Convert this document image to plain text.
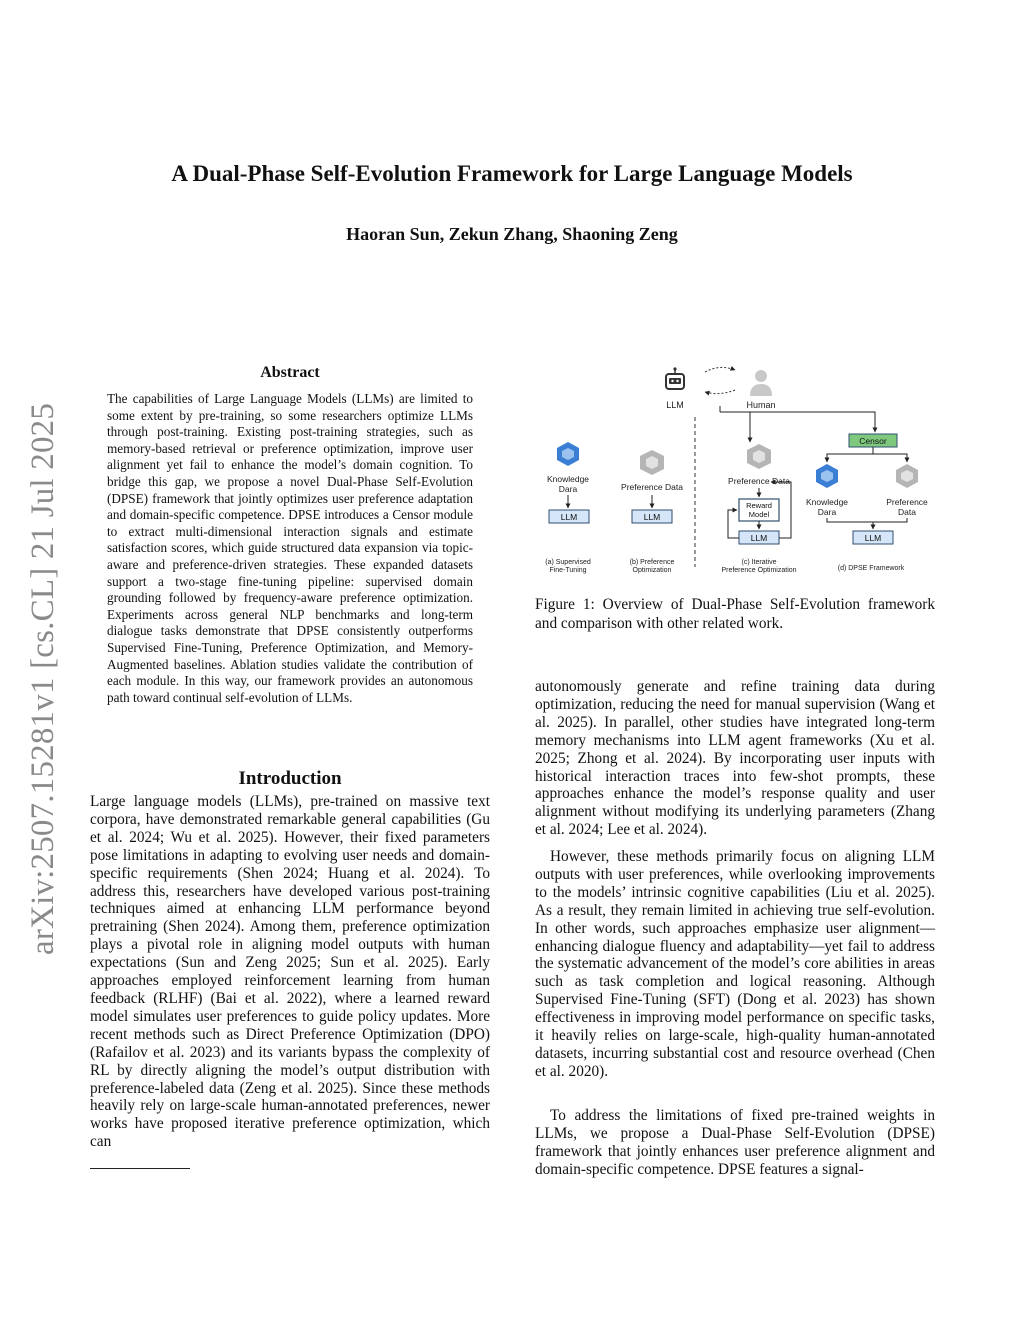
arXiv:2507.15281v1 [cs.CL] 21 Jul 2025
A Dual-Phase Self-Evolution Framework for Large Language Models
Haoran Sun, Zekun Zhang, Shaoning Zeng
Abstract

The capabilities of Large Language Models (LLMs) are limited to some extent by pre-training, so some researchers optimize LLMs through post-training. Existing post-training strategies, such as memory-based retrieval or preference optimization, improve user alignment yet fail to enhance the model’s domain cognition. To bridge this gap, we propose a novel Dual-Phase Self-Evolution (DPSE) framework that jointly optimizes user preference adaptation and domain-specific competence. DPSE introduces a Censor module to extract multi-dimensional interaction signals and estimate satisfaction scores, which guide structured data expansion via topic-aware and preference-driven strategies. These expanded datasets support a two-stage fine-tuning pipeline: supervised domain grounding followed by frequency-aware preference optimization. Experiments across general NLP benchmarks and long-term dialogue tasks demonstrate that DPSE consistently outperforms Supervised Fine-Tuning, Preference Optimization, and Memory-Augmented baselines. Ablation studies validate the contribution of each module. In this way, our framework provides an autonomous path toward continual self-evolution of LLMs.

Introduction

Large language models (LLMs), pre-trained on massive text corpora, have demonstrated remarkable general capabilities (Gu et al. 2024; Wu et al. 2025). However, their fixed parameters pose limitations in adapting to evolving user needs and domain-specific requirements (Shen 2024; Huang et al. 2024). To address this, researchers have developed various post-training techniques aimed at enhancing LLM performance beyond pretraining (Shen 2024). Among them, preference optimization plays a pivotal role in aligning model outputs with human expectations (Sun and Zeng 2025; Sun et al. 2025). Early approaches employed reinforcement learning from human feedback (RLHF) (Bai et al. 2022), where a learned reward model simulates user preferences to guide policy updates. More recent methods such as Direct Preference Optimization (DPO) (Rafailov et al. 2023) and its variants bypass the complexity of RL by directly aligning the model’s output distribution with preference-labeled data (Zeng et al. 2025). Since these methods heavily rely on large-scale human-annotated preferences, newer works have proposed iterative preference optimization, which can

LLM	Human
Censor
Knowledge
Dara
LLM
(a) Supervised
Fine-Tuning
Preference Data
LLM
(b) Preference
Optimization
Preference Data
Reward
Model
LLM
(c) Iterative
Preference Optimization
Knowledge
Dara
Preference
Data
LLM
(d) DPSE Framework

Figure 1: Overview of Dual-Phase Self-Evolution framework and comparison with other related work.

autonomously generate and refine training data during optimization, reducing the need for manual supervision (Wang et al. 2025). In parallel, other studies have integrated long-term memory mechanisms into LLM agent frameworks (Xu et al. 2025; Zhong et al. 2024). By incorporating user inputs with historical interaction traces into few-shot prompts, these approaches enhance the model’s response quality and user alignment without modifying its underlying parameters (Zhang et al. 2024; Lee et al. 2024).

However, these methods primarily focus on aligning LLM outputs with user preferences, while overlooking improvements to the models’ intrinsic cognitive capabilities (Liu et al. 2025). As a result, they remain limited in achieving true self-evolution. In other words, such approaches emphasize user alignment—enhancing dialogue fluency and adaptability—yet fail to address the systematic advancement of the model’s core abilities in areas such as task completion and logical reasoning. Although Supervised Fine-Tuning (SFT) (Dong et al. 2023) has shown effectiveness in improving model performance on specific tasks, it heavily relies on large-scale, high-quality human-annotated datasets, incurring substantial cost and resource overhead (Chen et al. 2020).

To address the limitations of fixed pre-trained weights in LLMs, we propose a Dual-Phase Self-Evolution (DPSE) framework that jointly enhances user preference alignment and domain-specific competence. DPSE features a signal-
